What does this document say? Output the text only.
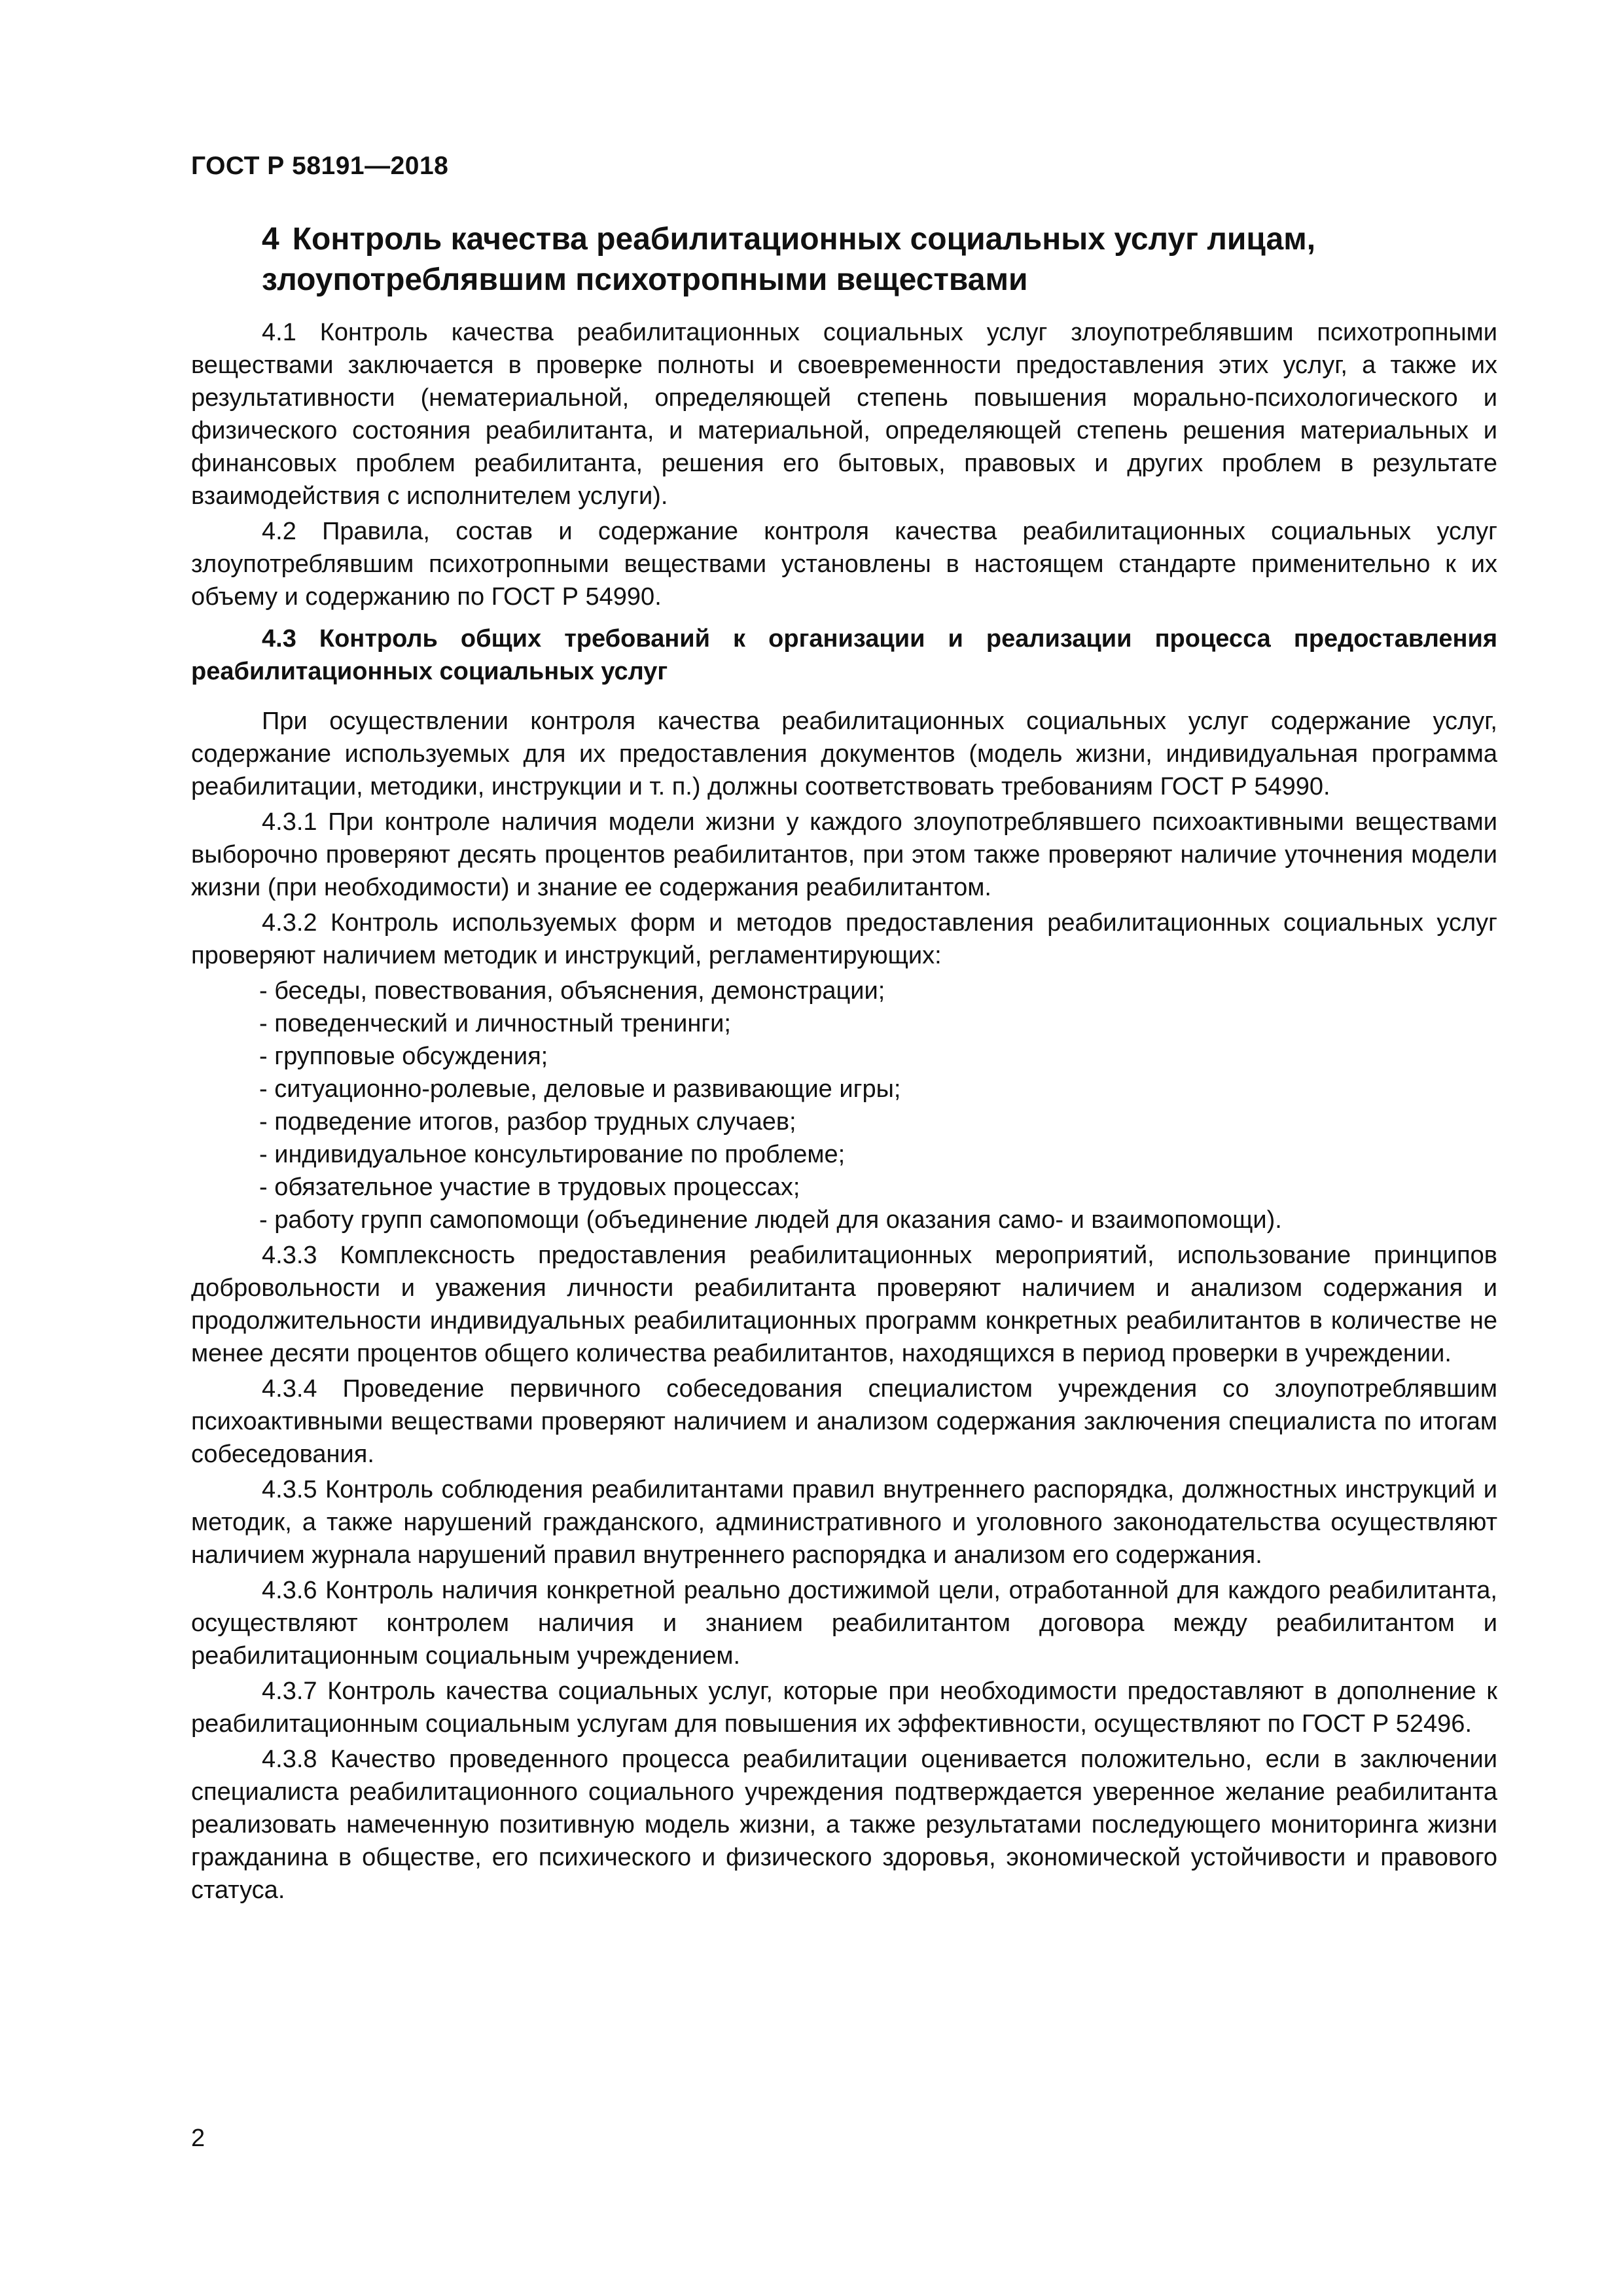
ГОСТ Р 58191—2018
4 Контроль качества реабилитационных социальных услуг лицам, злоупотреблявшим психотропными веществами

4.1 Контроль качества реабилитационных социальных услуг злоупотреблявшим психотропными веществами заключается в проверке полноты и своевременности предоставления этих услуг, а также их результативности (нематериальной, определяющей степень повышения морально-психологического и физического состояния реабилитанта, и материальной, определяющей степень решения материальных и финансовых проблем реабилитанта, решения его бытовых, правовых и других проблем в результате взаимодействия с исполнителем услуги).

4.2 Правила, состав и содержание контроля качества реабилитационных социальных услуг злоупотреблявшим психотропными веществами установлены в настоящем стандарте применительно к их объему и содержанию по ГОСТ Р 54990.

4.3 Контроль общих требований к организации и реализации процесса предоставления реабилитационных социальных услуг

При осуществлении контроля качества реабилитационных социальных услуг содержание услуг, содержание используемых для их предоставления документов (модель жизни, индивидуальная программа реабилитации, методики, инструкции и т. п.) должны соответствовать требованиям ГОСТ Р 54990.

4.3.1 При контроле наличия модели жизни у каждого злоупотреблявшего психоактивными веществами выборочно проверяют десять процентов реабилитантов, при этом также проверяют наличие уточнения модели жизни (при необходимости) и знание ее содержания реабилитантом.

4.3.2 Контроль используемых форм и методов предоставления реабилитационных социальных услуг проверяют наличием методик и инструкций, регламентирующих:

- беседы, повествования, объяснения, демонстрации;
- поведенческий и личностный тренинги;
- групповые обсуждения;
- ситуационно-ролевые, деловые и развивающие игры;
- подведение итогов, разбор трудных случаев;
- индивидуальное консультирование по проблеме;
- обязательное участие в трудовых процессах;
- работу групп самопомощи (объединение людей для оказания само- и взаимопомощи).

4.3.3 Комплексность предоставления реабилитационных мероприятий, использование принципов добровольности и уважения личности реабилитанта проверяют наличием и анализом содержания и продолжительности индивидуальных реабилитационных программ конкретных реабилитантов в количестве не менее десяти процентов общего количества реабилитантов, находящихся в период проверки в учреждении.

4.3.4 Проведение первичного собеседования специалистом учреждения со злоупотреблявшим психоактивными веществами проверяют наличием и анализом содержания заключения специалиста по итогам собеседования.

4.3.5 Контроль соблюдения реабилитантами правил внутреннего распорядка, должностных инструкций и методик, а также нарушений гражданского, административного и уголовного законодательства осуществляют наличием журнала нарушений правил внутреннего распорядка и анализом его содержания.

4.3.6 Контроль наличия конкретной реально достижимой цели, отработанной для каждого реабилитанта, осуществляют контролем наличия и знанием реабилитантом договора между реабилитантом и реабилитационным социальным учреждением.

4.3.7 Контроль качества социальных услуг, которые при необходимости предоставляют в дополнение к реабилитационным социальным услугам для повышения их эффективности, осуществляют по ГОСТ Р 52496.

4.3.8 Качество проведенного процесса реабилитации оценивается положительно, если в заключении специалиста реабилитационного социального учреждения подтверждается уверенное желание реабилитанта реализовать намеченную позитивную модель жизни, а также результатами последующего мониторинга жизни гражданина в обществе, его психического и физического здоровья, экономической устойчивости и правового статуса.

2
